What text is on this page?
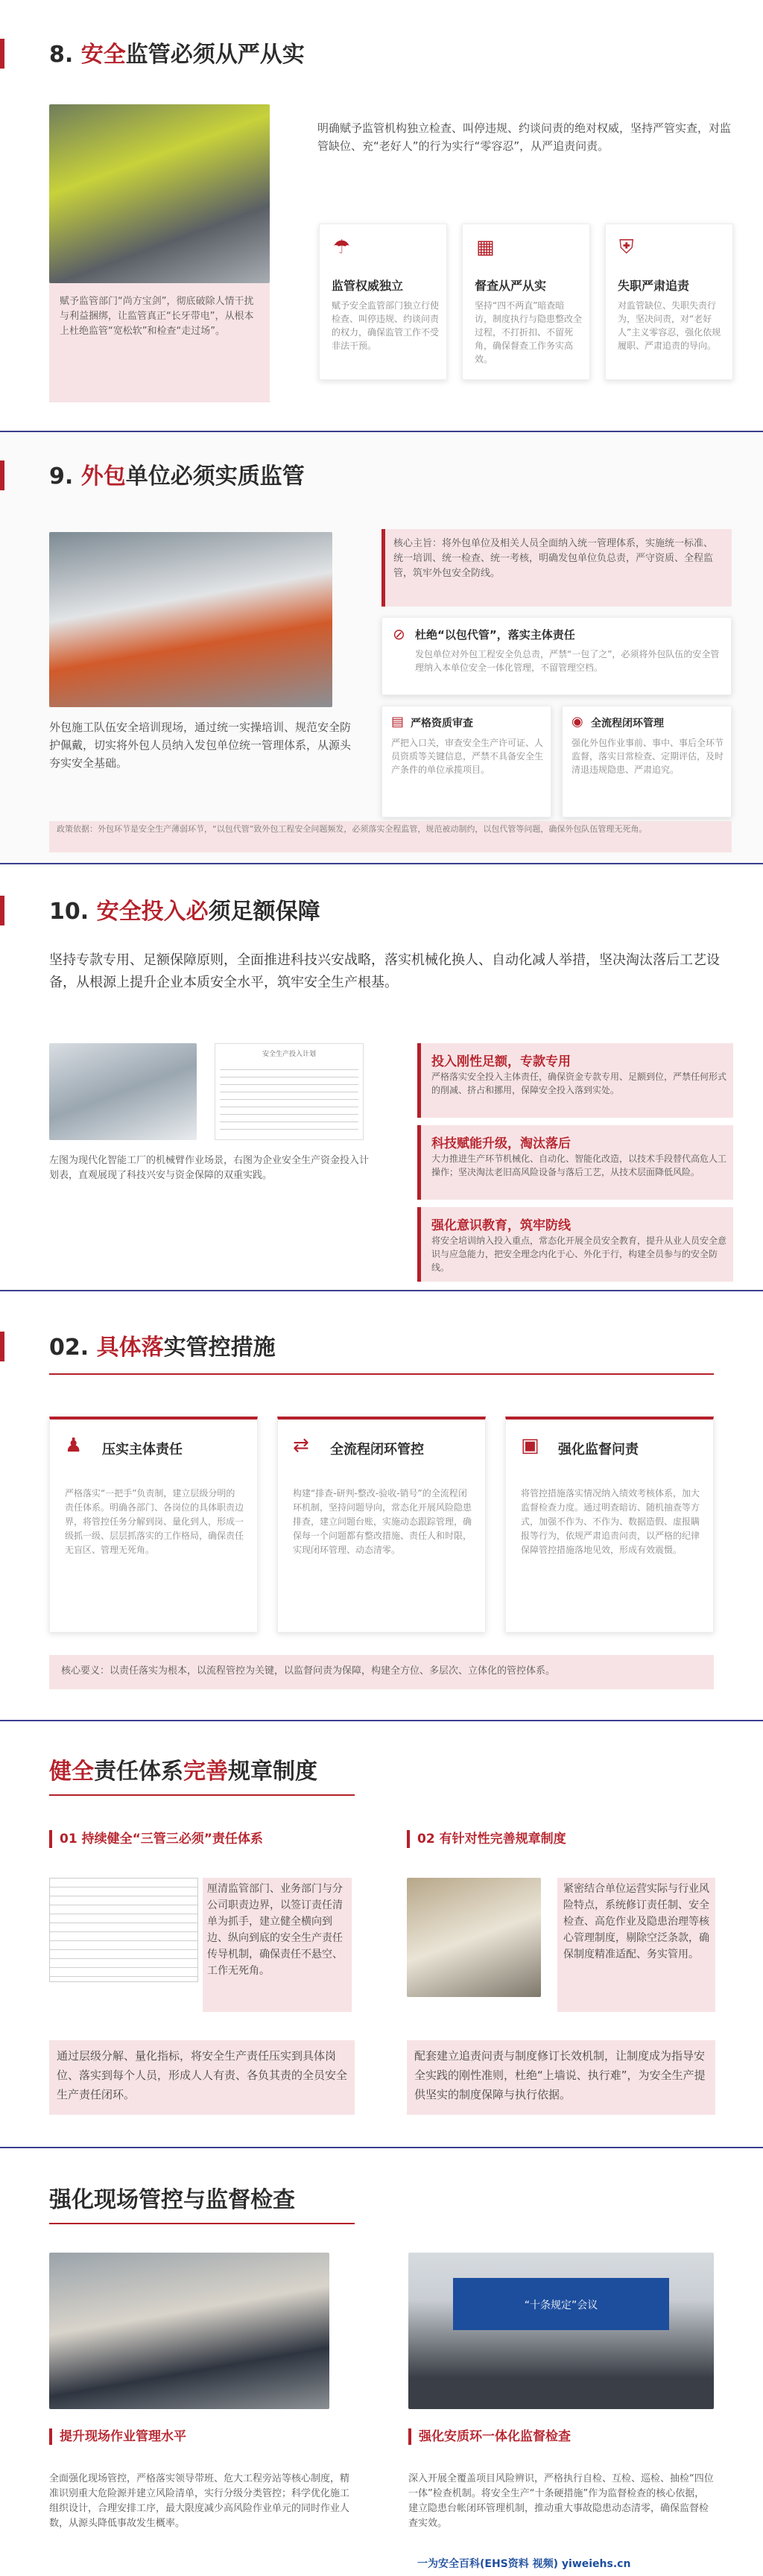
8. 安全监管必须从严从实
赋予监管部门“尚方宝剑”，彻底破除人情干扰与利益捆绑，让监管真正“长牙带电”，从根本上杜绝监管“宽松软”和检查“走过场”。
明确赋予监管机构独立检查、叫停违规、约谈问责的绝对权威，坚持严管实查，对监管缺位、充“老好人”的行为实行“零容忍”，从严追责问责。
☂
监管权威独立
赋予安全监管部门独立行使检查、叫停违规、约谈问责的权力，确保监管工作不受非法干预。
▦
督查从严从实
坚持“四不两直”暗查暗访，制度执行与隐患整改全过程，不打折扣、不留死角，确保督查工作务实高效。
⛨
失职严肃追责
对监管缺位、失职失责行为，坚决问责，对“老好人”主义零容忍，强化依规履职、严肃追责的导向。
9. 外包单位必须实质监管
外包施工队伍安全培训现场，通过统一实操培训、规范安全防护佩戴，切实将外包人员纳入发包单位统一管理体系，从源头夯实安全基础。
核心主旨：将外包单位及相关人员全面纳入统一管理体系，实施统一标准、统一培训、统一检查、统一考核，明确发包单位负总责，严守资质、全程监管，筑牢外包安全防线。
⊘ 杜绝“以包代管”，落实主体责任
发包单位对外包工程安全负总责，严禁“一包了之”，必须将外包队伍的安全管理纳入本单位安全一体化管理，不留管理空档。
▤ 严格资质审查
严把入口关，审查安全生产许可证、人员资质等关键信息，严禁不具备安全生产条件的单位承揽项目。
◉ 全流程闭环管理
强化外包作业事前、事中、事后全环节监督，落实日常检查、定期评估，及时清退违规隐患、严肃追究。
政策依据：外包环节是安全生产薄弱环节，“以包代管”致外包工程安全问题频发，必须落实全程监管，规范被动制约，以包代管等问题，确保外包队伍管理无死角。
10. 安全投入必须足额保障
坚持专款专用、足额保障原则，全面推进科技兴安战略，落实机械化换人、自动化减人举措，坚决淘汰落后工艺设备，从根源上提升企业本质安全水平，筑牢安全生产根基。
安全生产投入计划
左图为现代化智能工厂的机械臂作业场景，右图为企业安全生产资金投入计划表，直观展现了科技兴安与资金保障的双重实践。
投入刚性足额，专款专用
严格落实安全投入主体责任，确保资金专款专用、足额到位，严禁任何形式的削减、挤占和挪用，保障安全投入落到实处。
科技赋能升级，淘汰落后
大力推进生产环节机械化、自动化、智能化改造，以技术手段替代高危人工操作；坚决淘汰老旧高风险设备与落后工艺，从技术层面降低风险。
强化意识教育，筑牢防线
将安全培训纳入投入重点，常态化开展全员安全教育，提升从业人员安全意识与应急能力，把安全理念内化于心、外化于行，构建全员参与的安全防线。
02. 具体落实管控措施
♟ 压实主体责任
严格落实“一把手”负责制，建立层级分明的责任体系。明确各部门、各岗位的具体职责边界，将管控任务分解到岗、量化到人，形成一级抓一级、层层抓落实的工作格局，确保责任无盲区、管理无死角。
⇄ 全流程闭环管控
构建“排查-研判-整改-验收-销号”的全流程闭环机制，坚持问题导向，常态化开展风险隐患排查，建立问题台账，实施动态跟踪管理，确保每一个问题都有整改措施、责任人和时限，实现闭环管理、动态清零。
▣ 强化监督问责
将管控措施落实情况纳入绩效考核体系，加大监督检查力度。通过明查暗访、随机抽查等方式，加强不作为、不作为、数据造假、虚报瞒报等行为，依规严肃追责问责，以严格的纪律保障管控措施落地见效，形成有效震慑。
核心要义：以责任落实为根本，以流程管控为关键，以监督问责为保障，构建全方位、多层次、立体化的管控体系。
健全责任体系完善规章制度
01 持续健全“三管三必须”责任体系
厘清监管部门、业务部门与分公司职责边界，以签订责任清单为抓手，建立健全横向到边、纵向到底的安全生产责任传导机制，确保责任不悬空、工作无死角。
通过层级分解、量化指标，将安全生产责任压实到具体岗位、落实到每个人员，形成人人有责、各负其责的全员安全生产责任闭环。
02 有针对性完善规章制度
紧密结合单位运营实际与行业风险特点，系统修订责任制、安全检查、高危作业及隐患治理等核心管理制度，剔除空泛条款，确保制度精准适配、务实管用。
配套建立追责问责与制度修订长效机制，让制度成为指导安全实践的刚性准则，杜绝“上墙说、执行难”，为安全生产提供坚实的制度保障与执行依据。
强化现场管控与监督检查
“十条规定”会议
提升现场作业管理水平	强化安质环一体化监督检查
全面强化现场管控，严格落实领导带班、危大工程旁站等核心制度，精准识别重大危险源并建立风险清单，实行分级分类管控；科学优化施工组织设计，合理安排工序，最大限度减少高风险作业单元的同时作业人数，从源头降低事故发生概率。
深入开展全覆盖项目风险辨识，严格执行自检、互检、巡检、抽检“四位一体”检查机制。将安全生产“十条硬措施”作为监督检查的核心依据，建立隐患台帐闭环管理机制，推动重大事故隐患动态清零，确保监督检查实效。
一为安全百科(EHS资料 视频) yiweiehs.cn
